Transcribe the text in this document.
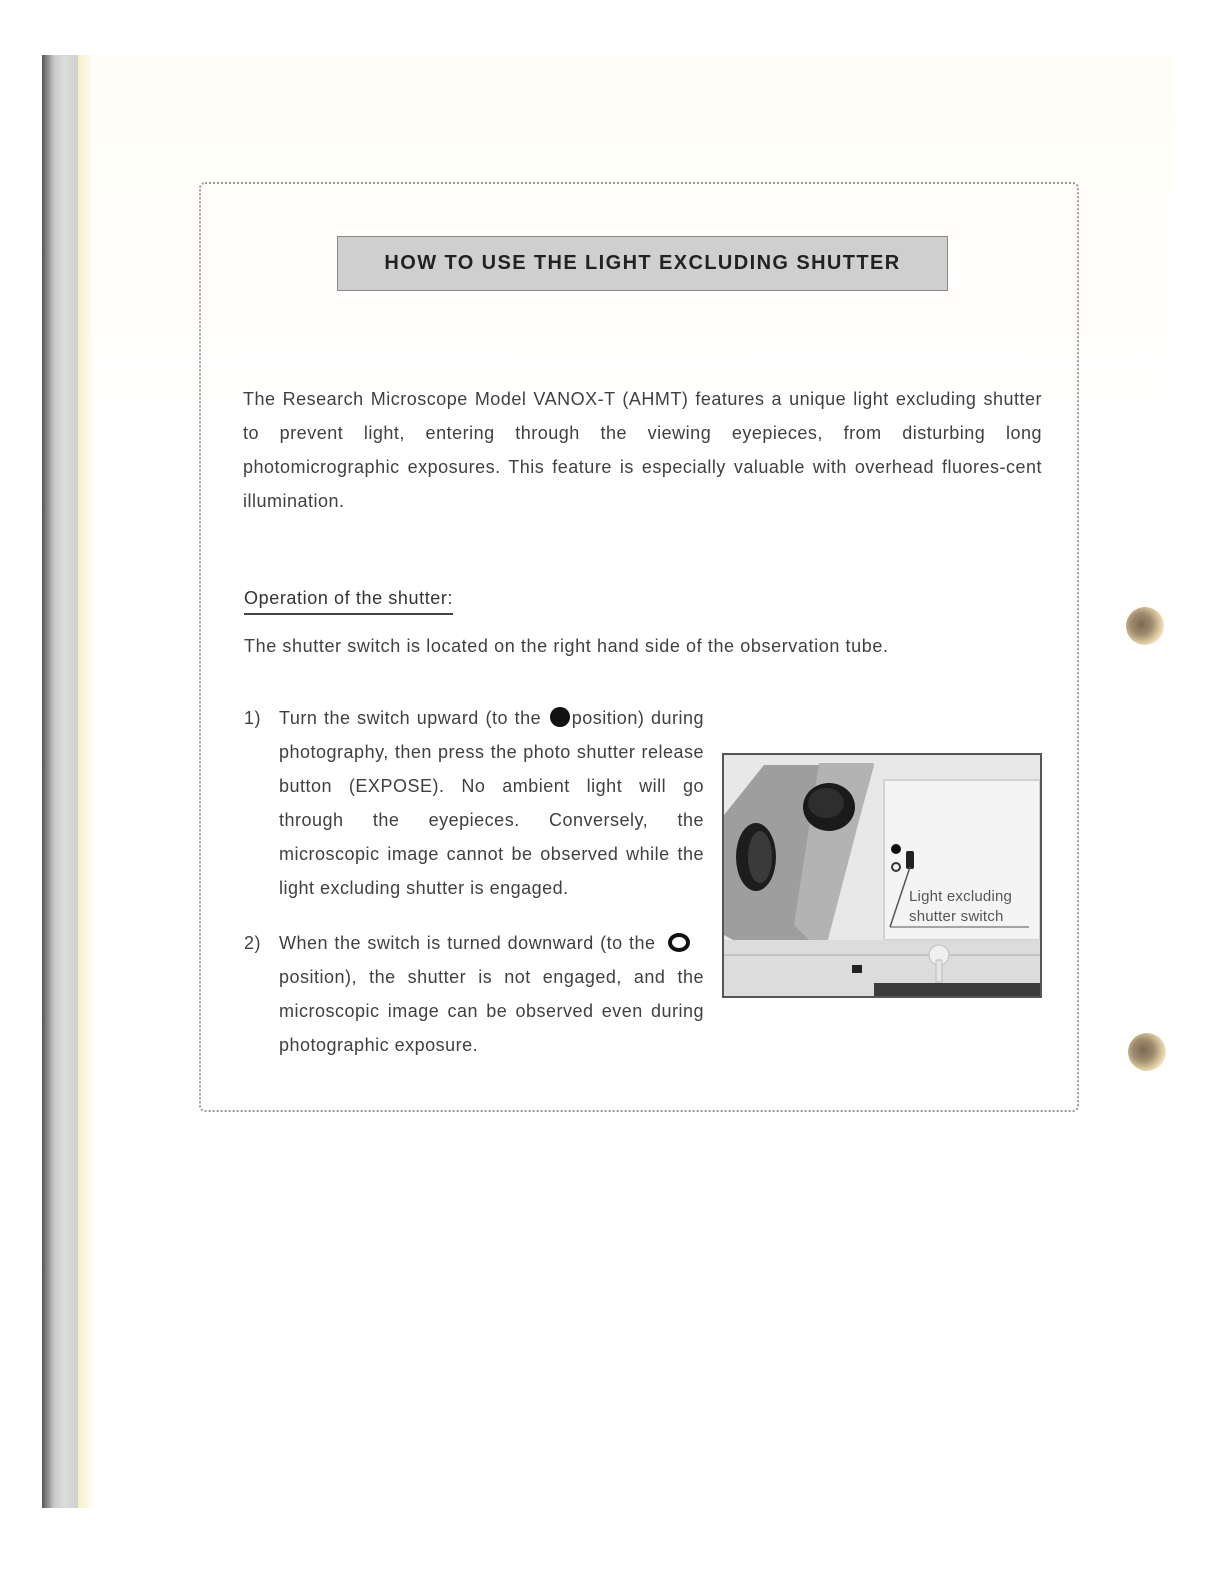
HOW TO USE THE LIGHT EXCLUDING SHUTTER
The Research Microscope Model VANOX-T (AHMT) features a unique light excluding shutter to prevent light, entering through the viewing eyepieces, from disturbing long photomicrographic exposures. This feature is especially valuable with overhead fluores-cent illumination.
Operation of the shutter:
The shutter switch is located on the right hand side of the observation tube.
1) Turn the switch upward (to the position) during photography, then press the photo shutter release button (EXPOSE). No ambient light will go through the eyepieces. Conversely, the microscopic image cannot be observed while the light excluding shutter is engaged.
2) When the switch is turned downward (to the position), the shutter is not engaged, and the microscopic image can be observed even during photographic exposure.
Light excluding
shutter switch
